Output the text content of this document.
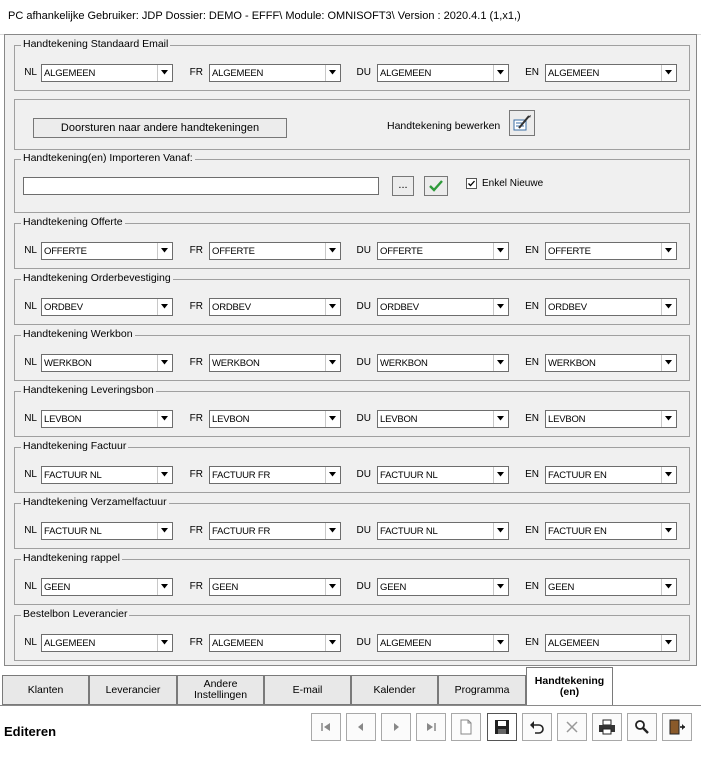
PC afhankelijke Gebruiker: JDP Dossier: DEMO - EFFF\ Module: OMNISOFT3\ Version : 2020.4.1 (1,x1,)
Handtekening Standaard Email
NL ALGEMEEN	FR ALGEMEEN	DU ALGEMEEN	EN ALGEMEEN
Handtekening Offerte
NL OFFERTE	FR OFFERTE	DU OFFERTE	EN OFFERTE
Handtekening Orderbevestiging
NL ORDBEV	FR ORDBEV	DU ORDBEV	EN ORDBEV
Handtekening Werkbon
NL WERKBON	FR WERKBON	DU WERKBON	EN WERKBON
Handtekening Leveringsbon
NL LEVBON	FR LEVBON	DU LEVBON	EN LEVBON
Handtekening Factuur
NL FACTUUR NL	FR FACTUUR FR	DU FACTUUR NL	EN FACTUUR EN
Handtekening Verzamelfactuur
NL FACTUUR NL	FR FACTUUR FR	DU FACTUUR NL	EN FACTUUR EN
Handtekening rappel
NL GEEN	FR GEEN	DU GEEN	EN GEEN
Bestelbon Leverancier
NL ALGEMEEN	FR ALGEMEEN	DU ALGEMEEN	EN ALGEMEEN
Doorsturen naar andere handtekeningen	Handtekening bewerken
Handtekening(en) Importeren Vanaf:
...	Enkel Nieuwe
Klanten	Leverancier	Andere
Instellingen	E-mail	Kalender	Programma
Handtekening
(en)
Editeren
